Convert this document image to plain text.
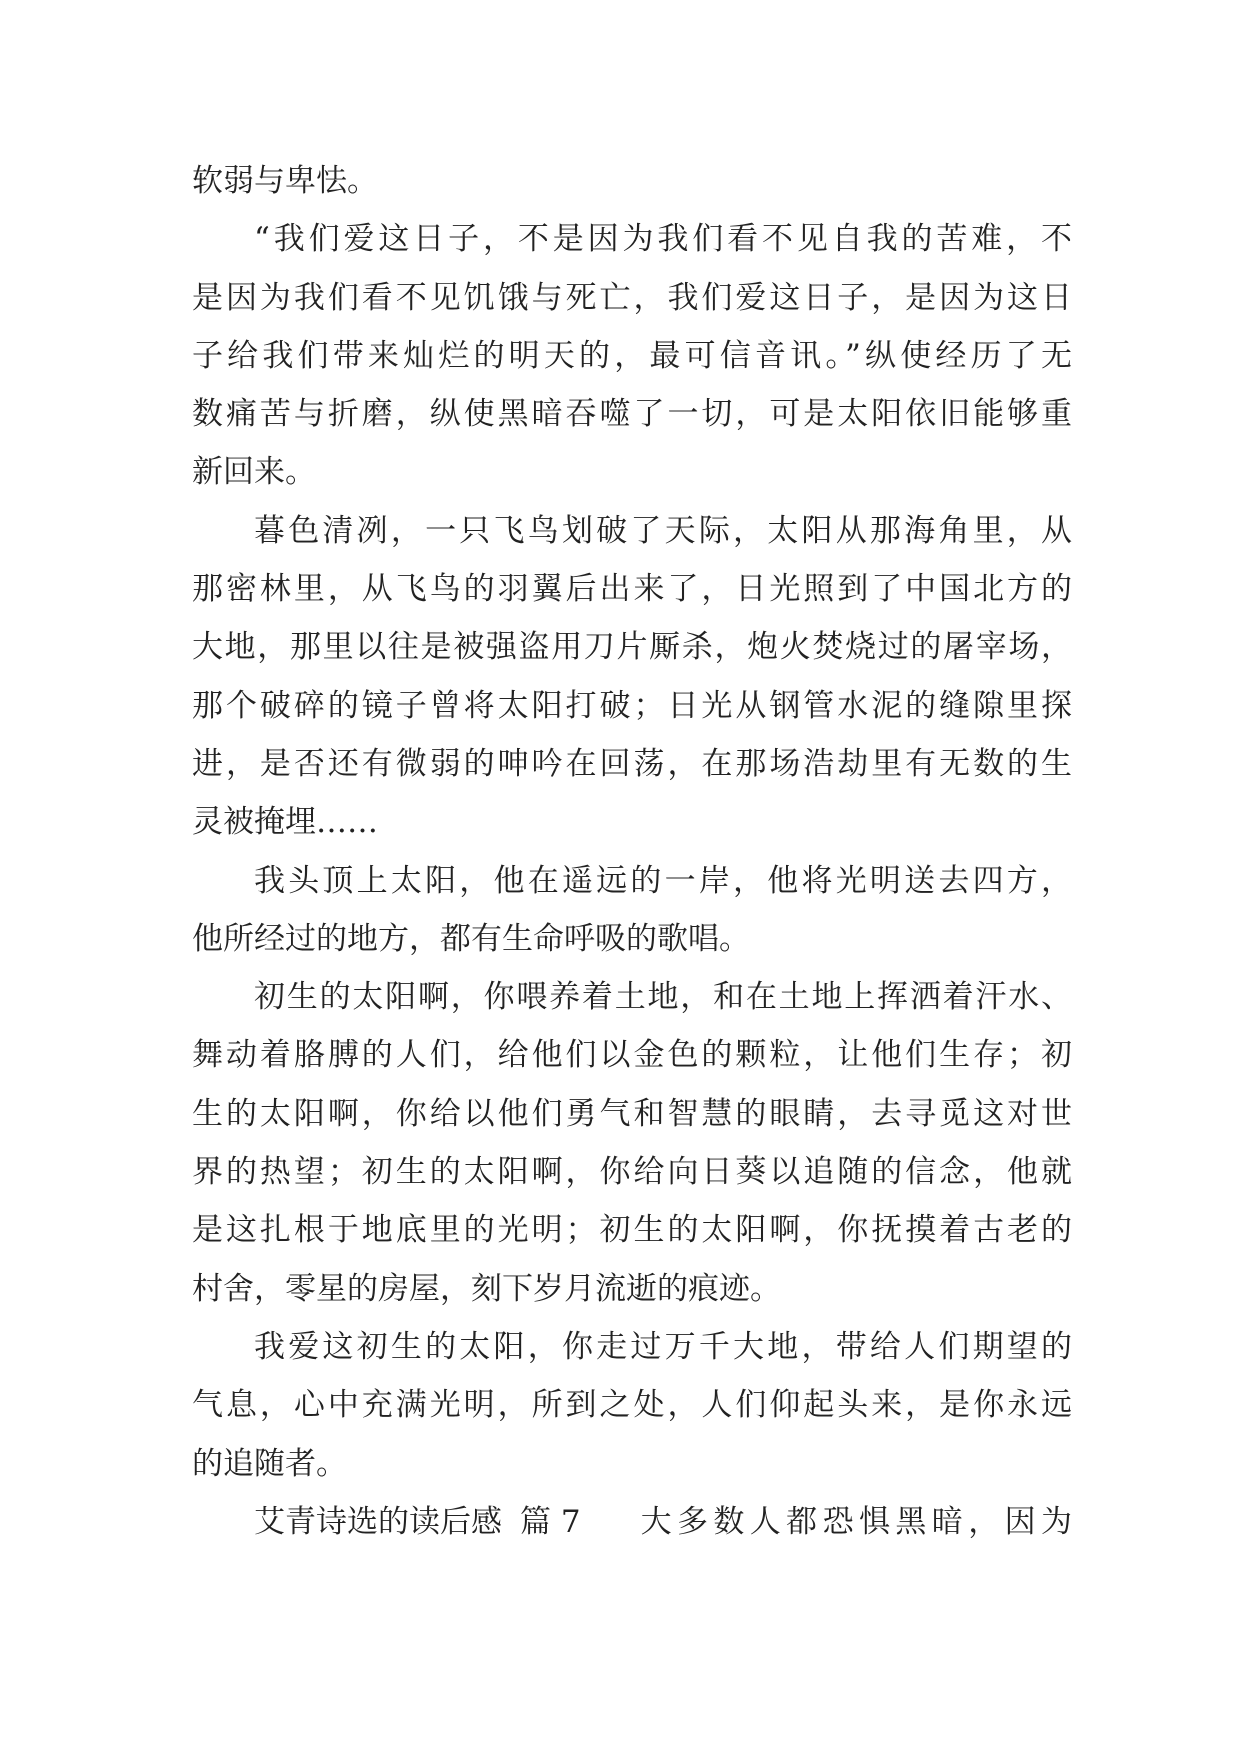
软弱与卑怯。
“我们爱这日子，不是因为我们看不见自我的苦难，不
是因为我们看不见饥饿与死亡，我们爱这日子，是因为这日
子给我们带来灿烂的明天的，最可信音讯。”纵使经历了无
数痛苦与折磨，纵使黑暗吞噬了一切，可是太阳依旧能够重
新回来。
暮色清冽，一只飞鸟划破了天际，太阳从那海角里，从
那密林里，从飞鸟的羽翼后出来了，日光照到了中国北方的
大地，那里以往是被强盗用刀片厮杀，炮火焚烧过的屠宰场，
那个破碎的镜子曾将太阳打破；日光从钢管水泥的缝隙里探
进，是否还有微弱的呻吟在回荡，在那场浩劫里有无数的生
灵被掩埋……
我头顶上太阳，他在遥远的一岸，他将光明送去四方，
他所经过的地方，都有生命呼吸的歌唱。
初生的太阳啊，你喂养着土地，和在土地上挥洒着汗水、
舞动着胳膊的人们，给他们以金色的颗粒，让他们生存；初
生的太阳啊，你给以他们勇气和智慧的眼睛，去寻觅这对世
界的热望；初生的太阳啊，你给向日葵以追随的信念，他就
是这扎根于地底里的光明；初生的太阳啊，你抚摸着古老的
村舍，零星的房屋，刻下岁月流逝的痕迹。
我爱这初生的太阳，你走过万千大地，带给人们期望的
气息，心中充满光明，所到之处，人们仰起头来，是你永远
的追随者。
艾青诗选的读后感 篇 7 大多数人都恐惧黑暗，因为
